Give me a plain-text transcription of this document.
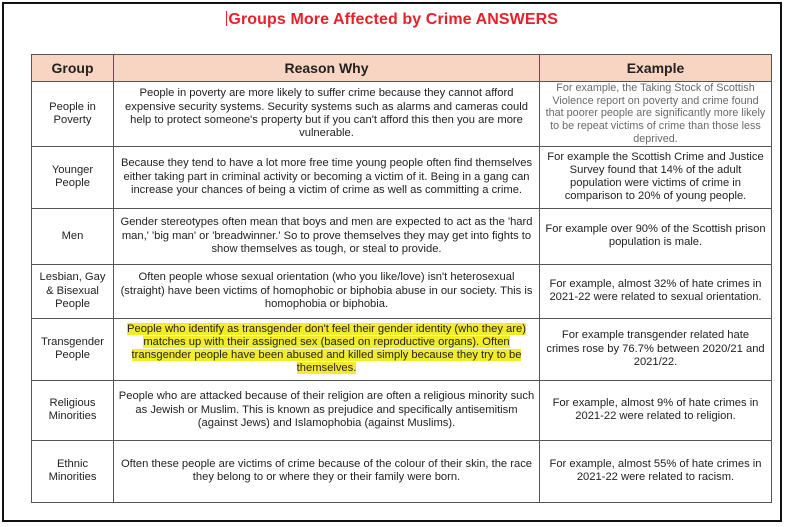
Groups More Affected by Crime ANSWERS
Group	Reason Why	Example
People in Poverty	People in poverty are more likely to suffer crime because they cannot afford expensive security systems. Security systems such as alarms and cameras could help to protect someone's property but if you can't afford this then you are more vulnerable.	For example, the Taking Stock of Scottish Violence report on poverty and crime found that poorer people are significantly more likely to be repeat victims of crime than those less deprived.
Younger People	Because they tend to have a lot more free time young people often find themselves either taking part in criminal activity or becoming a victim of it. Being in a gang can increase your chances of being a victim of crime as well as committing a crime.	For example the Scottish Crime and Justice Survey found that 14% of the adult population were victims of crime in comparison to 20% of young people.
Men	Gender stereotypes often mean that boys and men are expected to act as the 'hard man,' 'big man' or 'breadwinner.' So to prove themselves they may get into fights to show themselves as tough, or steal to provide.	For example over 90% of the Scottish prison population is male.
Lesbian, Gay & Bisexual People	Often people whose sexual orientation (who you like/love) isn't heterosexual (straight) have been victims of homophobic or biphobia abuse in our society. This is homophobia or biphobia.	For example, almost 32% of hate crimes in 2021-22 were related to sexual orientation.
Transgender People	People who identify as transgender don't feel their gender identity (who they are) matches up with their assigned sex (based on reproductive organs). Often transgender people have been abused and killed simply because they try to be themselves.	For example transgender related hate crimes rose by 76.7% between 2020/21 and 2021/22.
Religious Minorities	People who are attacked because of their religion are often a religious minority such as Jewish or Muslim. This is known as prejudice and specifically antisemitism (against Jews) and Islamophobia (against Muslims).	For example, almost 9% of hate crimes in 2021-22 were related to religion.
Ethnic Minorities	Often these people are victims of crime because of the colour of their skin, the race they belong to or where they or their family were born.	For example, almost 55% of hate crimes in 2021-22 were related to racism.
